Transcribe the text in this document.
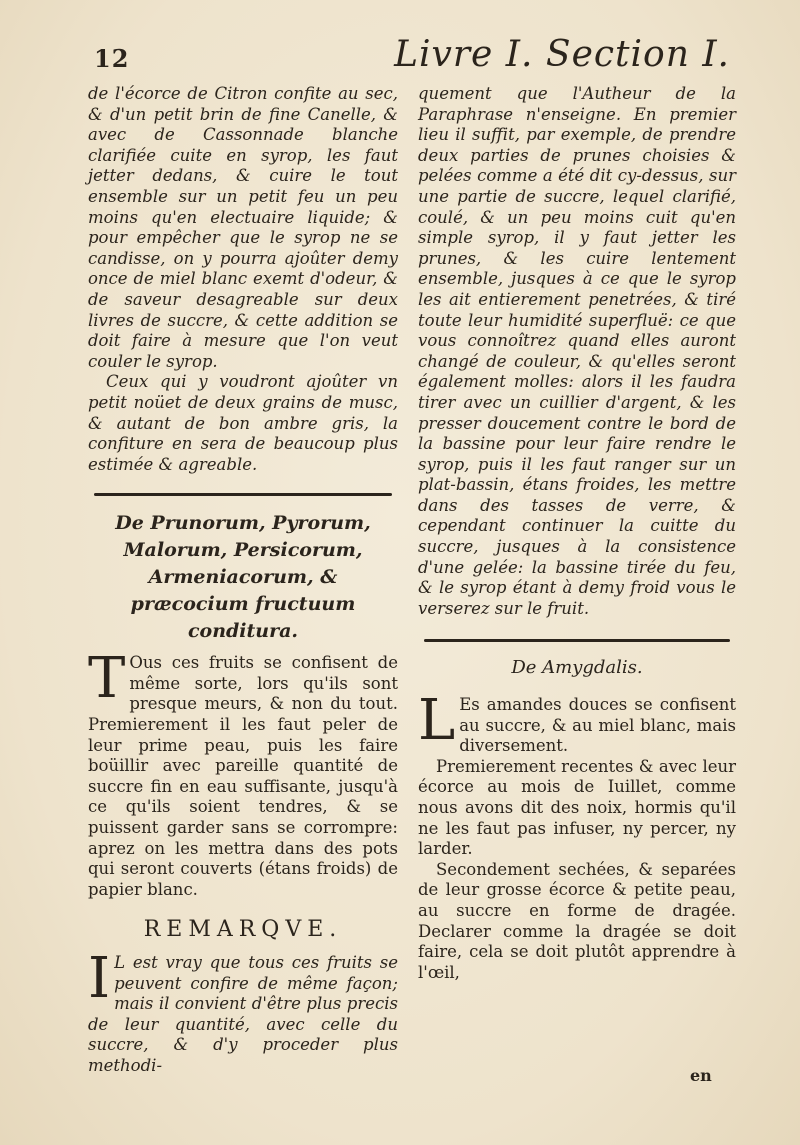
12	Livre I. Section I.

de l'écorce de Citron confite au sec, & d'un petit brin de fine Canelle, & avec de Cassonnade blanche clarifiée cuite en syrop, les faut jetter dedans, & cuire le tout ensemble sur un petit feu un peu moins qu'en electuaire liquide; & pour empêcher que le syrop ne se candisse, on y pourra ajoûter demy once de miel blanc exemt d'odeur, & de saveur desagreable sur deux livres de succre, & cette addition se doit faire à mesure que l'on veut couler le syrop.

Ceux qui y voudront ajoûter vn petit noüet de deux grains de musc, & autant de bon ambre gris, la confiture en sera de beaucoup plus estimée & agreable.

De Prunorum, Pyrorum, Malorum, Persicorum, Armeniacorum, & præcocium fructuum conditura.

T Ous ces fruits se confisent de même sorte, lors qu'ils sont presque meurs, & non du tout. Premierement il les faut peler de leur prime peau, puis les faire boüillir avec pareille quantité de succre fin en eau suffisante, jusqu'à ce qu'ils soient tendres, & se puissent garder sans se corrompre: aprez on les mettra dans des pots qui seront couverts (étans froids) de papier blanc.

REMARQVE.

I L est vray que tous ces fruits se peuvent confire de même façon; mais il convient d'être plus precis de leur quantité, avec celle du succre, & d'y proceder plus methodi-

quement que l'Autheur de la Paraphrase n'enseigne. En premier lieu il suffit, par exemple, de prendre deux parties de prunes choisies & pelées comme a été dit cy-dessus, sur une partie de succre, lequel clarifié, coulé, & un peu moins cuit qu'en simple syrop, il y faut jetter les prunes, & les cuire lentement ensemble, jusques à ce que le syrop les ait entierement penetrées, & tiré toute leur humidité superfluë: ce que vous connoîtrez quand elles auront changé de couleur, & qu'elles seront également molles: alors il les faudra tirer avec un cuillier d'argent, & les presser doucement contre le bord de la bassine pour leur faire rendre le syrop, puis il les faut ranger sur un plat-bassin, étans froides, les mettre dans des tasses de verre, & cependant continuer la cuitte du succre, jusques à la consistence d'une gelée: la bassine tirée du feu, & le syrop étant à demy froid vous le verserez sur le fruit.

De Amygdalis.

L Es amandes douces se confisent au succre, & au miel blanc, mais diversement.

Premierement recentes & avec leur écorce au mois de Iuillet, comme nous avons dit des noix, hormis qu'il ne les faut pas infuser, ny percer, ny larder.

Secondement sechées, & separées de leur grosse écorce & petite peau, au succre en forme de dragée. Declarer comme la dragée se doit faire, cela se doit plutôt apprendre à l'œil,

en
